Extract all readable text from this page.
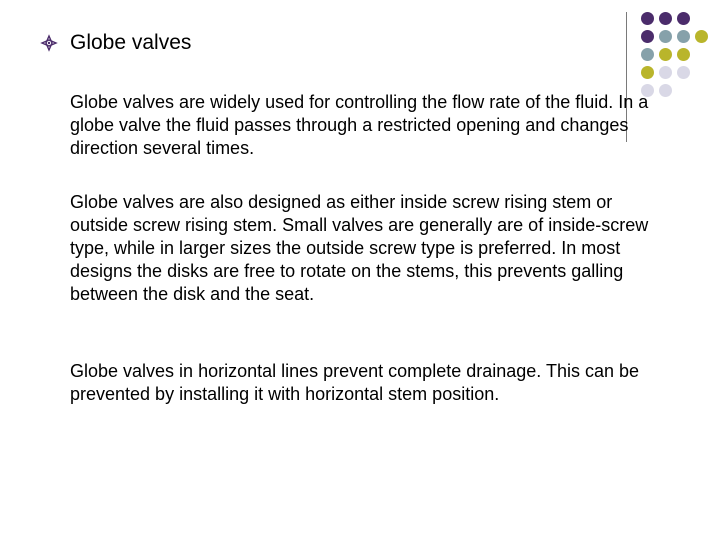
Globe valves

Globe valves are widely used for controlling the flow rate of the fluid. In a globe valve the fluid passes through a restricted opening and changes direction several times.

Globe valves are also designed as either inside screw rising stem or outside screw rising stem. Small valves are generally are of inside-screw type, while in larger sizes the outside screw type is preferred. In most designs the disks are free to rotate on the stems, this prevents galling between the disk and the seat.

Globe valves in horizontal lines prevent complete drainage. This can be prevented by installing it with horizontal stem position.
